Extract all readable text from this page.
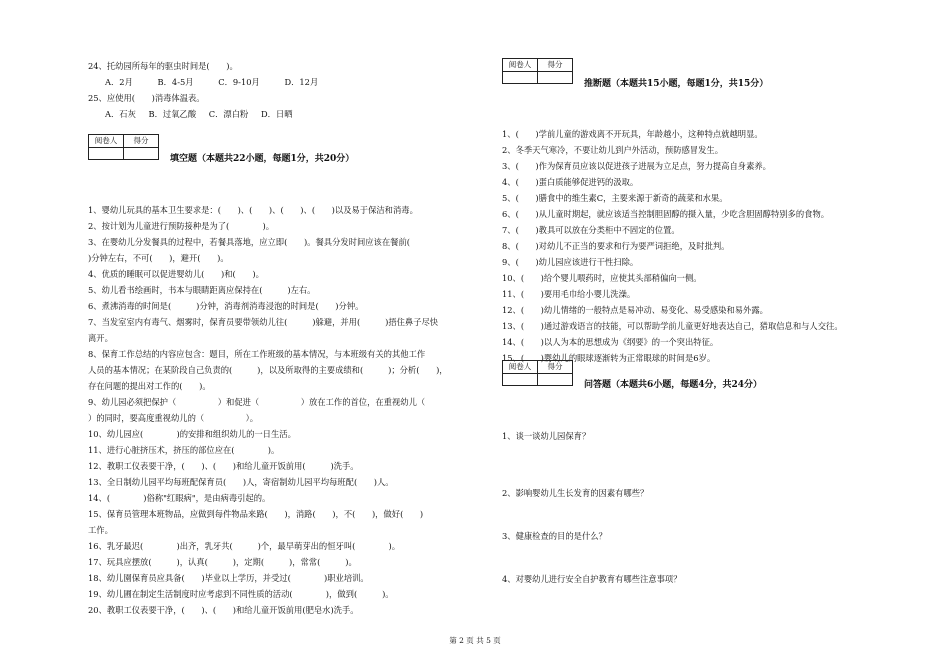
24、托幼园所每年的驱虫时间是(　　)。
A．2月	B．4-5月	C．9-10月	D．12月
25、应使用(　　)消毒体温表。
A．石灰 B．过氧乙酸 C．漂白粉 D．日晒
阅卷人	得分

填空题（本题共22小题，每题1分，共20分）
1、婴幼儿玩具的基本卫生要求是：(　　)、(　　)、(　　)、(　　)以及易于保洁和消毒。
2、按计划为儿童进行预防接种是为了(　　　　)。
3、在婴幼儿分发餐具的过程中，若餐具落地，应立即(　　)。餐具分发时间应该在餐前(
)分钟左右，不可(　　)，避开(　　)。
4、优质的睡眠可以促进婴幼儿(　　)和(　　)。
5、幼儿看书绘画时，书本与眼睛距离应保持在(　　　)左右。
6、煮沸消毒的时间是(　　　)分钟，消毒剂消毒浸泡的时间是(　　)分钟。
7、当发室室内有毒气、烟雾时，保育员要带领幼儿往(　　　)躲避，并用(　　　)捂住鼻子尽快
离开。
8、保育工作总结的内容应包含：题目，所在工作班级的基本情况，与本班级有关的其他工作
人员的基本情况；在某阶段自己负责的(　　　)，以及所取得的主要成绩和(　　　)；分析(　　)，
存在问题的提出对工作的(　　)。
9、幼儿园必须把保护（　　　　　）和促进（　　　　　）放在工作的首位，在重视幼儿（
）的同时，要高度重视幼儿的（　　　　　）。
10、幼儿园应(　　　　)的安排和组织幼儿的一日生活。
11、进行心脏挤压术，挤压的部位应在(　　　　)。
12、教职工仪表要干净，(　　)、(　　)和给儿童开饭前用(　　　)洗手。
13、全日制幼儿园平均每班配保育员(　　)人，寄宿制幼儿园平均每班配(　　)人。
14、(　　　　)俗称"红眼病"，是由病毒引起的。
15、保育员管理本班物品，应做到每件物品来路(　　)，消路(　　)，不(　　)，做好(　　)
工作。
16、乳牙最迟(　　　　)出齐，乳牙共(　　　)个，最早萌芽出的恒牙叫(　　　　)。
17、玩具应摆放(　　　)，认真(　　　)，定期(　　　)，常常(　　　)。
18、幼儿園保育员应具备(　　)毕业以上学历，并受过(　　　　)职业培训。
19、幼儿圃在制定生活制度时应考虑到不同性质的活动(　　　　)，做到(　　　)。
20、教职工仪表要干净，(　　)、(　　)和给儿童开饭前用(肥皂水)洗手。
阅卷人	得分

推断题（本题共15小题，每题1分，共15分）
1、(　　)学前儿童的游戏离不开玩具，年龄越小，这种特点就越明显。
2、冬季天气寒冷，不要让幼儿到户外活动，预防感冒发生。
3、(　　)作为保育员应该以促进孩子进展为立足点，努力提高自身素养。
4、(　　)蛋白质能够促进钙的汲取。
5、(　　)膳食中的维生素C，主要来源于新奇的蔬菜和水果。
6、(　　)从儿童时期起，就应该适当控制胆固醇的摄入量，少吃含胆固醇特别多的食物。
7、(　　)教具可以放在分类柜中不固定的位置。
8、(　　)对幼儿不正当的要求和行为要严词拒绝，及时批判。
9、(　　)幼儿园应该进行干性扫除。
10、(　　)给个婴儿喂药时，应使其头部稍偏向一侧。
11、(　　)要用毛巾给小婴儿洗澡。
12、(　　)幼儿情绪的一般特点是易冲动、易变化、易受感染和易外露。
13、(　　)通过游戏语言的技能，可以帮助学前儿童更好地表达自己，猎取信息和与人交往。
14、(　　)以人为本的思想成为《纲要》的一个突出特征。
15、(　　)婴幼儿的眼球逐渐转为正常眼球的时间是6岁。
阅卷人	得分

问答题（本题共6小题，每题4分，共24分）
1、谈一谈幼儿园保育？
2、影响婴幼儿生长发育的因素有哪些？
3、健康检查的目的是什么？
4、对婴幼儿进行安全自护教育有哪些注意事项？
第 2 页 共 5 页
